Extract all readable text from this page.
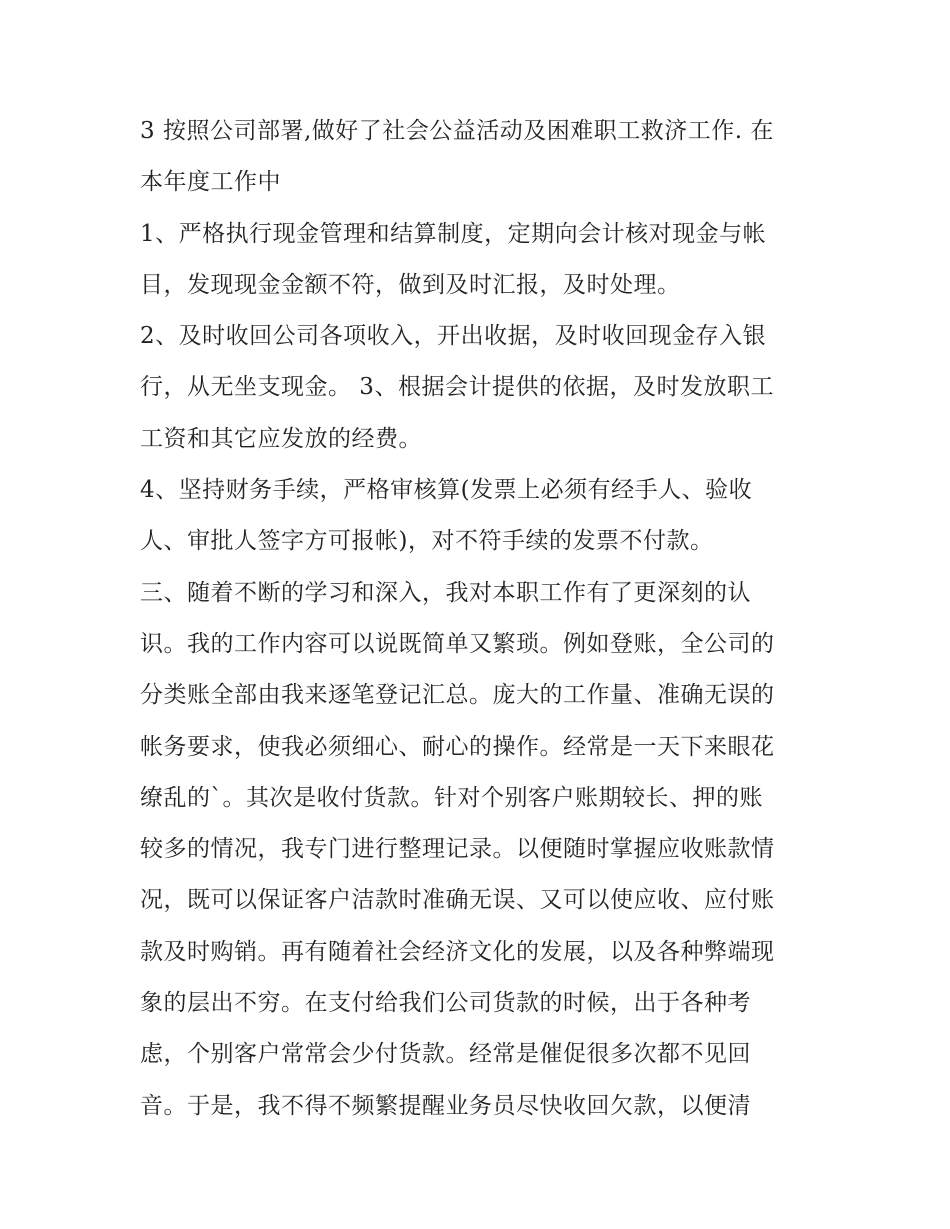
3 按照公司部署,做好了社会公益活动及困难职工救济工作. 在
本年度工作中
1、严格执行现金管理和结算制度，定期向会计核对现金与帐
目，发现现金金额不符，做到及时汇报，及时处理。
2、及时收回公司各项收入，开出收据，及时收回现金存入银
行，从无坐支现金。 3、根据会计提供的依据，及时发放职工
工资和其它应发放的经费。
4、坚持财务手续，严格审核算(发票上必须有经手人、验收
人、审批人签字方可报帐)，对不符手续的发票不付款。
三、随着不断的学习和深入，我对本职工作有了更深刻的认
识。我的工作内容可以说既简单又繁琐。例如登账，全公司的
分类账全部由我来逐笔登记汇总。庞大的工作量、准确无误的
帐务要求，使我必须细心、耐心的操作。经常是一天下来眼花
缭乱的`。其次是收付货款。针对个别客户账期较长、押的账
较多的情况，我专门进行整理记录。以便随时掌握应收账款情
况，既可以保证客户洁款时准确无误、又可以使应收、应付账
款及时购销。再有随着社会经济文化的发展，以及各种弊端现
象的层出不穷。在支付给我们公司货款的时候，出于各种考
虑，个别客户常常会少付货款。经常是催促很多次都不见回
音。于是，我不得不频繁提醒业务员尽快收回欠款，以便清
